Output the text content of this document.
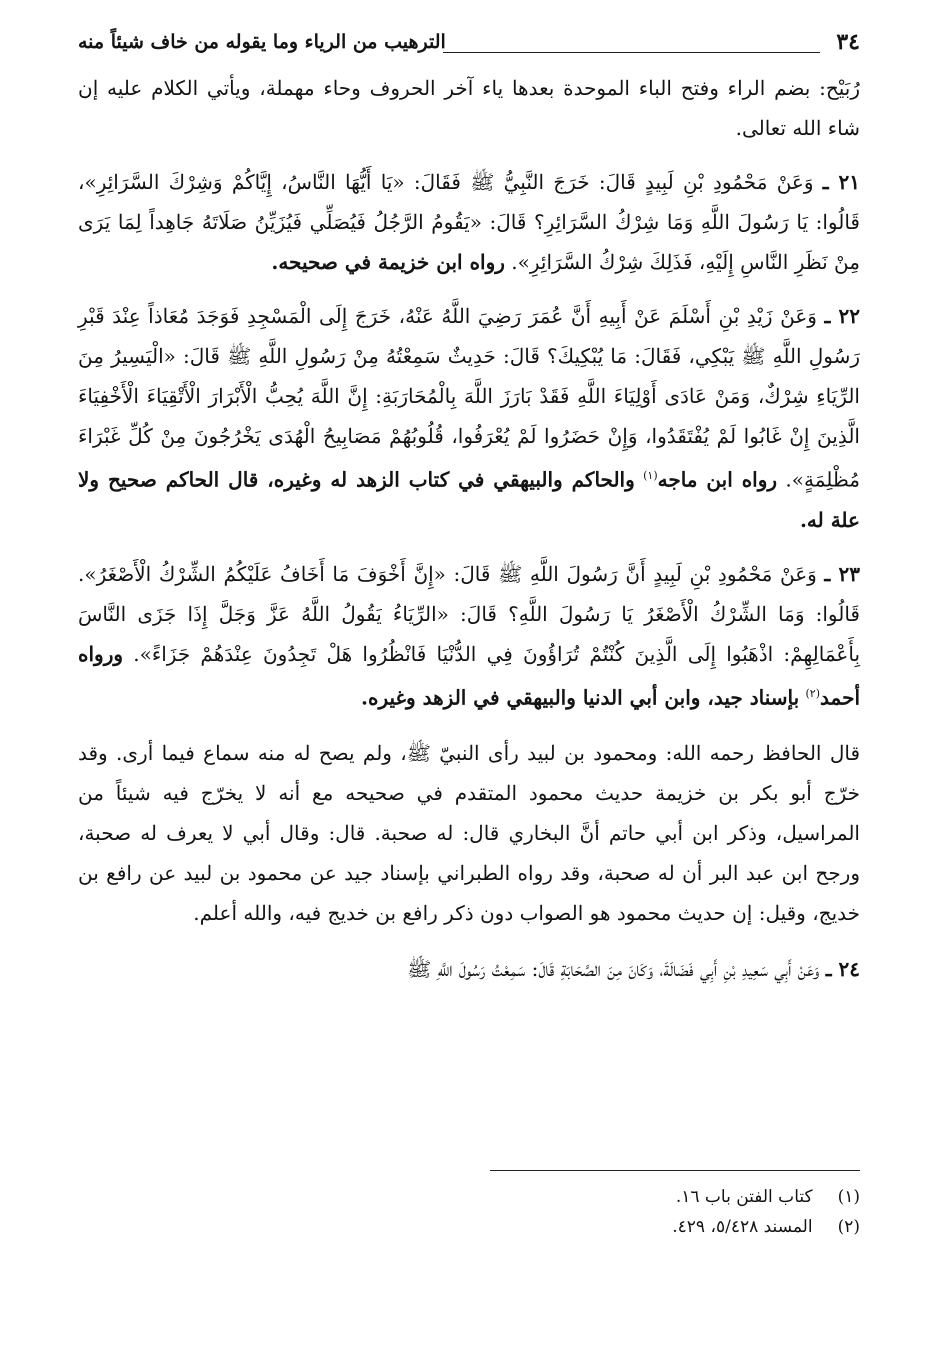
٣٤
الترهيب من الرياء وما يقوله من خاف شيئاً منه

رُبَيْح: بضم الراء وفتح الباء الموحدة بعدها ياء آخر الحروف وحاء مهملة، ويأتي الكلام عليه إن شاء الله تعالى.

٢١ ـ وَعَنْ مَحْمُودِ بْنِ لَبِيدٍ قَالَ: خَرَجَ النَّبِيُّ ﷺ فَقَالَ: «يَا أَيُّهَا النَّاسُ، إِيَّاكُمْ وَشِرْكَ السَّرَائِرِ»، قَالُوا: يَا رَسُولَ اللَّهِ وَمَا شِرْكُ السَّرَائِرِ؟ قَالَ: «يَقُومُ الرَّجُلُ فَيُصَلِّي فَيُزَيِّنُ صَلَاتَهُ جَاهِداً لِمَا يَرَى مِنْ نَظَرِ النَّاسِ إِلَيْهِ، فَذَلِكَ شِرْكُ السَّرَائِرِ». رواه ابن خزيمة في صحيحه.

٢٢ ـ وَعَنْ زَيْدِ بْنِ أَسْلَمَ عَنْ أَبِيهِ أَنَّ عُمَرَ رَضِيَ اللَّهُ عَنْهُ، خَرَجَ إِلَى الْمَسْجِدِ فَوَجَدَ مُعَاذاً عِنْدَ قَبْرِ رَسُولِ اللَّهِ ﷺ يَبْكِي، فَقَالَ: مَا يُبْكِيكَ؟ قَالَ: حَدِيثٌ سَمِعْتُهُ مِنْ رَسُولِ اللَّهِ ﷺ قَالَ: «الْيَسِيرُ مِنَ الرِّيَاءِ شِرْكٌ، وَمَنْ عَادَى أَوْلِيَاءَ اللَّهِ فَقَدْ بَارَزَ اللَّهَ بِالْمُحَارَبَةِ: إِنَّ اللَّهَ يُحِبُّ الْأَبْرَارَ الْأَتْقِيَاءَ الْأَخْفِيَاءَ الَّذِينَ إِنْ غَابُوا لَمْ يُفْتَقَدُوا، وَإِنْ حَضَرُوا لَمْ يُعْرَفُوا، قُلُوبُهُمْ مَصَابِيحُ الْهُدَى يَخْرُجُونَ مِنْ كُلِّ غَبْرَاءَ مُظْلِمَةٍ». رواه ابن ماجه$^{(١)}$ والحاكم والبيهقي في كتاب الزهد له وغيره، قال الحاكم صحيح ولا علة له.

٢٣ ـ وَعَنْ مَحْمُودِ بْنِ لَبِيدٍ أَنَّ رَسُولَ اللَّهِ ﷺ قَالَ: «إِنَّ أَخْوَفَ مَا أَخَافُ عَلَيْكُمُ الشِّرْكُ الْأَصْغَرُ». قَالُوا: وَمَا الشِّرْكُ الْأَصْغَرُ يَا رَسُولَ اللَّهِ؟ قَالَ: «الرِّيَاءُ يَقُولُ اللَّهُ عَزَّ وَجَلَّ إِذَا جَزَى النَّاسَ بِأَعْمَالِهِمْ: اذْهَبُوا إِلَى الَّذِينَ كُنْتُمْ تُرَاؤُونَ فِي الدُّنْيَا فَانْظُرُوا هَلْ تَجِدُونَ عِنْدَهُمْ جَزَاءً». ورواه أحمد$^{(٢)}$ بإسناد جيد، وابن أبي الدنيا والبيهقي في الزهد وغيره.

قال الحافظ رحمه الله: ومحمود بن لبيد رأى النبيّ ﷺ، ولم يصح له منه سماع فيما أرى. وقد خرّج أبو بكر بن خزيمة حديث محمود المتقدم في صحيحه مع أنه لا يخرّج فيه شيئاً من المراسيل، وذكر ابن أبي حاتم أنَّ البخاري قال: له صحبة. قال: وقال أبي لا يعرف له صحبة، ورجح ابن عبد البر أن له صحبة، وقد رواه الطبراني بإسناد جيد عن محمود بن لبيد عن رافع بن خديج، وقيل: إن حديث محمود هو الصواب دون ذكر رافع بن خديج فيه، والله أعلم.

٢٤ ـ وَعَنْ أَبِي سَعِيدِ بْنِ أَبِي فَضَالَةَ، وَكَانَ مِنَ الصَّحَابَةِ قَالَ: سَمِعْتُ رَسُولَ اللَّهِ ﷺ

(١) كتاب الفتن باب ١٦.
(٢) المسند ٥/٤٢٨، ٤٢٩.
